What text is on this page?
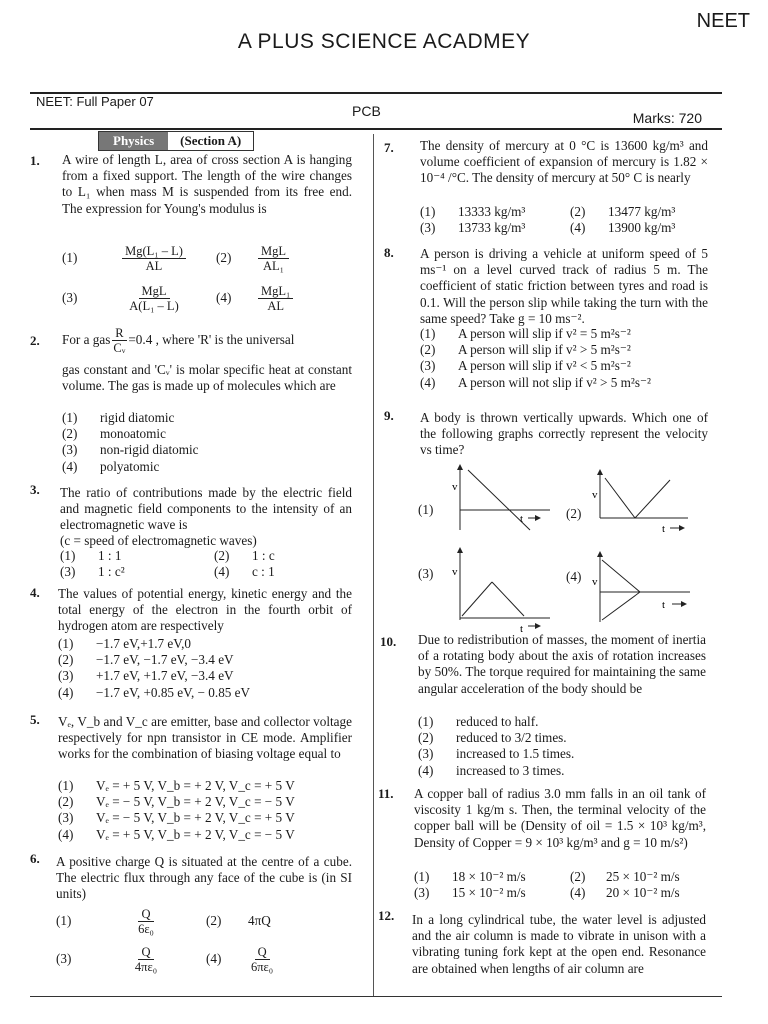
NEET
A PLUS SCIENCE ACADMEY
NEET: Full Paper 07
PCB	Marks: 720
Physics	(Section A)
1. A wire of length L, area of cross section A is hanging from a fixed support. The length of the wire changes to L₁ when mass M is suspended from its free end. The expression for Young's modulus is
(1)	$\frac{\text{Mg(L₁ – L)}}{AL} (2)$	$\frac{\text{MgL}}{\text{AL₁}}$
(3)	$\frac{\text{MgL}}{\text{A(L₁ – L)}} (4)$	$\frac{\text{MgL₁}}{AL}$
2. For a gas $\frac{R}{\text{Cᵥ}} =0.4$ , where 'R' is the universal
gas constant and 'Cᵥ' is molar specific heat at constant volume. The gas is made up of molecules which are
(1)	rigid diatomic
(2)	monoatomic
(3)	non-rigid diatomic
(4)	polyatomic
3. The ratio of contributions made by the electric field and magnetic field components to the intensity of an electromagnetic wave is
(c = speed of electromagnetic waves)
(1)	1 : 1	(2)	1 : c
(3)	1 : c²	(4)	c : 1
4. The values of potential energy, kinetic energy and the total energy of the electron in the fourth orbit of hydrogen atom are respectively
(1)	−1.7 eV,+1.7 eV,0
(2)	−1.7 eV, −1.7 eV, −3.4 eV
(3)	+1.7 eV, +1.7 eV, −3.4 eV
(4)	−1.7 eV, +0.85 eV, − 0.85 eV
5. Vₑ, V_b and V_c are emitter, base and collector voltage respectively for npn transistor in CE mode. Amplifier works for the combination of biasing voltage equal to
(1)	Vₑ = + 5 V, V_b = + 2 V, V_c = + 5 V
(2)	Vₑ = − 5 V, V_b = + 2 V, V_c = − 5 V
(3)	Vₑ = − 5 V, V_b = + 2 V, V_c = + 5 V
(4)	Vₑ = + 5 V, V_b = + 2 V, V_c = − 5 V
6. A positive charge Q is situated at the centre of a cube. The electric flux through any face of the cube is (in SI units)
(1)	$\frac{Q}{\text{6ε₀}} (2)$	4πQ
(3)	$\frac{Q}{\text{4πε₀}} (4)$	$\frac{Q}{\text{6πε₀}}$
7. The density of mercury at 0 °C is 13600 kg/m³ and volume coefficient of expansion of mercury is 1.82 × 10⁻⁴ /°C. The density of mercury at 50° C is nearly
(1)	13333 kg/m³	(2)	13477 kg/m³
(3)	13733 kg/m³	(4)	13900 kg/m³
8. A person is driving a vehicle at uniform speed of 5 ms⁻¹ on a level curved track of radius 5 m. The coefficient of static friction between tyres and road is 0.1. Will the person slip while taking the turn with the same speed? Take g = 10 ms⁻².
(1)	A person will slip if v² = 5 m²s⁻²
(2)	A person will slip if v² > 5 m²s⁻²
(3)	A person will slip if v² < 5 m²s⁻²
(4)	A person will not slip if v² > 5 m²s⁻²
9. A body is thrown vertically upwards. Which one of the following graphs correctly represent the velocity vs time?
(1)	(2)
(3)	(4)
v
t
v
t
v
t
v
t
10. Due to redistribution of masses, the moment of inertia of a rotating body about the axis of rotation increases by 50%. The torque required for maintaining the same angular acceleration of the body should be
(1)	reduced to half.
(2)	reduced to 3/2 times.
(3)	increased to 1.5 times.
(4)	increased to 3 times.
11. A copper ball of radius 3.0 mm falls in an oil tank of viscosity 1 kg/m s. Then, the terminal velocity of the copper ball will be (Density of oil = 1.5 × 10³ kg/m³, Density of Copper = 9 × 10³ kg/m³ and g = 10 m/s²)
(1)	18 × 10⁻² m/s	(2)	25 × 10⁻² m/s
(3)	15 × 10⁻² m/s	(4)	20 × 10⁻² m/s
12. In a long cylindrical tube, the water level is adjusted and the air column is made to vibrate in unison with a vibrating tuning fork kept at the open end. Resonance are obtained when lengths of air column are
